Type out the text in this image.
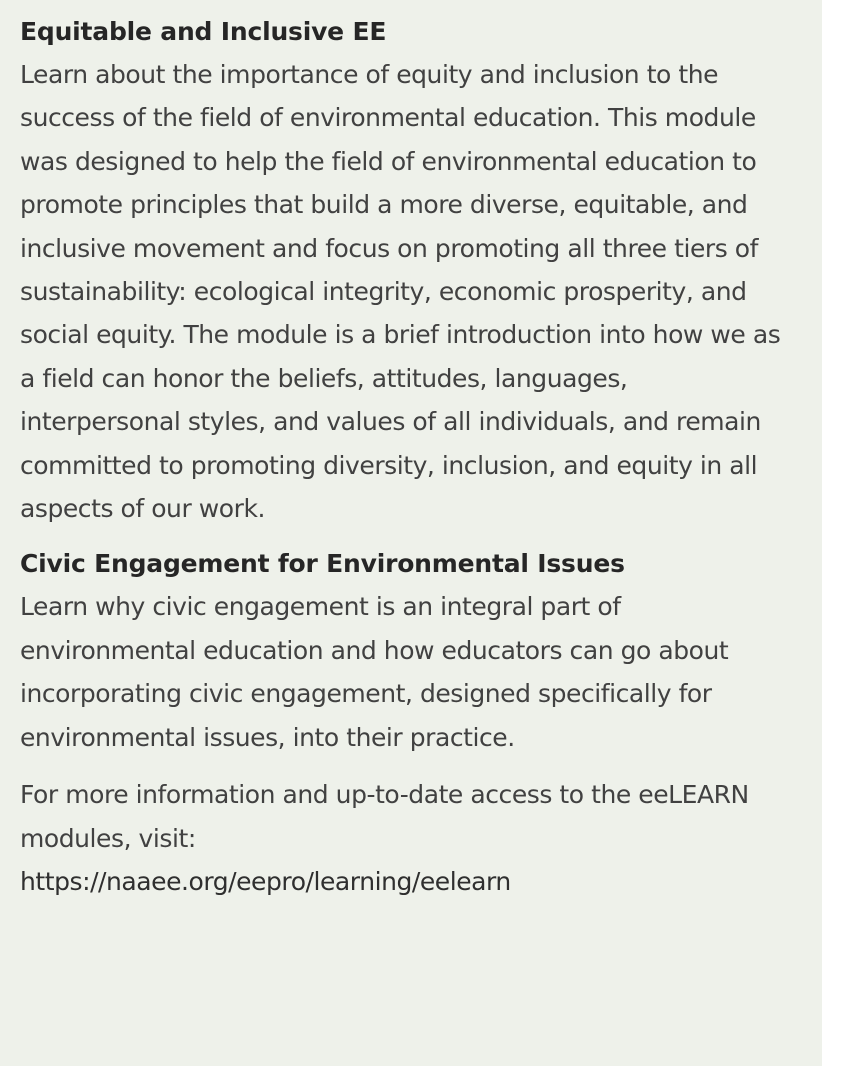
Equitable and Inclusive EE

Learn about the importance of equity and inclusion to the success of the field of environmental education. This module was designed to help the field of environmental education to promote principles that build a more diverse, equitable, and inclusive movement and focus on promoting all three tiers of sustainability: ecological integrity, economic prosperity, and social equity. The module is a brief introduction into how we as a field can honor the beliefs, attitudes, languages, interpersonal styles, and values of all individuals, and remain committed to promoting diversity, inclusion, and equity in all aspects of our work.

Civic Engagement for Environmental Issues

Learn why civic engagement is an integral part of environmental education and how educators can go about incorporating civic engagement, designed specifically for environmental issues, into their practice.

For more information and up-to-date access to the eeLEARN modules, visit:

https://naaee.org/eepro/learning/eelearn
